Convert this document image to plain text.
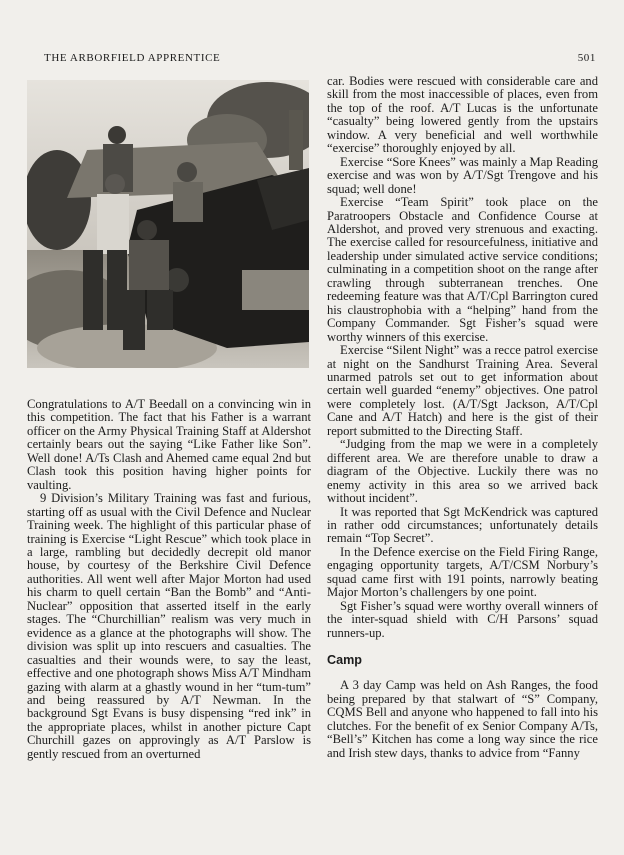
THE ARBORFIELD APPRENTICE	501

Congratulations to A/T Beedall on a convincing win in this competition. The fact that his Father is a warrant officer on the Army Physical Training Staff at Aldershot certainly bears out the saying “Like Father like Son”. Well done! A/Ts Clash and Ahemed came equal 2nd but Clash took this position having higher points for vaulting.

9 Division’s Military Training was fast and furious, starting off as usual with the Civil Defence and Nuclear Training week. The highlight of this particular phase of training is Exercise “Light Rescue” which took place in a large, rambling but decidedly decrepit old manor house, by courtesy of the Berkshire Civil Defence authorities. All went well after Major Morton had used his charm to quell certain “Ban the Bomb” and “Anti-Nuclear” opposition that asserted itself in the early stages. The “Churchillian” realism was very much in evidence as a glance at the photographs will show. The division was split up into rescuers and casualties. The casualties and their wounds were, to say the least, effective and one photograph shows Miss A/T Mindham gazing with alarm at a ghastly wound in her “tum-tum” and being reassured by A/T Newman. In the background Sgt Evans is busy dispensing “red ink” in the appropriate places, whilst in another picture Capt Churchill gazes on approvingly as A/T Parslow is gently rescued from an overturned

car. Bodies were rescued with considerable care and skill from the most inaccessible of places, even from the top of the roof. A/T Lucas is the unfortunate “casualty” being lowered gently from the upstairs window. A very beneficial and well worthwhile “exercise” thoroughly enjoyed by all.

Exercise “Sore Knees” was mainly a Map Reading exercise and was won by A/T/Sgt Trengove and his squad; well done!

Exercise “Team Spirit” took place on the Paratroopers Obstacle and Confidence Course at Aldershot, and proved very strenuous and exacting. The exercise called for resourcefulness, initiative and leadership under simulated active service conditions; culminating in a competition shoot on the range after crawling through subterranean trenches. One redeeming feature was that A/T/Cpl Barrington cured his claustrophobia with a “helping” hand from the Company Commander. Sgt Fisher’s squad were worthy winners of this exercise.

Exercise “Silent Night” was a recce patrol exercise at night on the Sandhurst Training Area. Several unarmed patrols set out to get information about certain well guarded “enemy” objectives. One patrol were completely lost. (A/T/Sgt Jackson, A/T/Cpl Cane and A/T Hatch) and here is the gist of their report submitted to the Directing Staff.

“Judging from the map we were in a completely different area. We are therefore unable to draw a diagram of the Objective. Luckily there was no enemy activity in this area so we arrived back without incident”.

It was reported that Sgt McKendrick was captured in rather odd circumstances; unfortunately details remain “Top Secret”.

In the Defence exercise on the Field Firing Range, engaging opportunity targets, A/T/CSM Norbury’s squad came first with 191 points, narrowly beating Major Morton’s challengers by one point.

Sgt Fisher’s squad were worthy overall winners of the inter-squad shield with C/H Parsons’ squad runners-up.

Camp

A 3 day Camp was held on Ash Ranges, the food being prepared by that stalwart of “S” Company, CQMS Bell and anyone who happened to fall into his clutches. For the benefit of ex Senior Company A/Ts, “Bell’s” Kitchen has come a long way since the rice and Irish stew days, thanks to advice from “Fanny
